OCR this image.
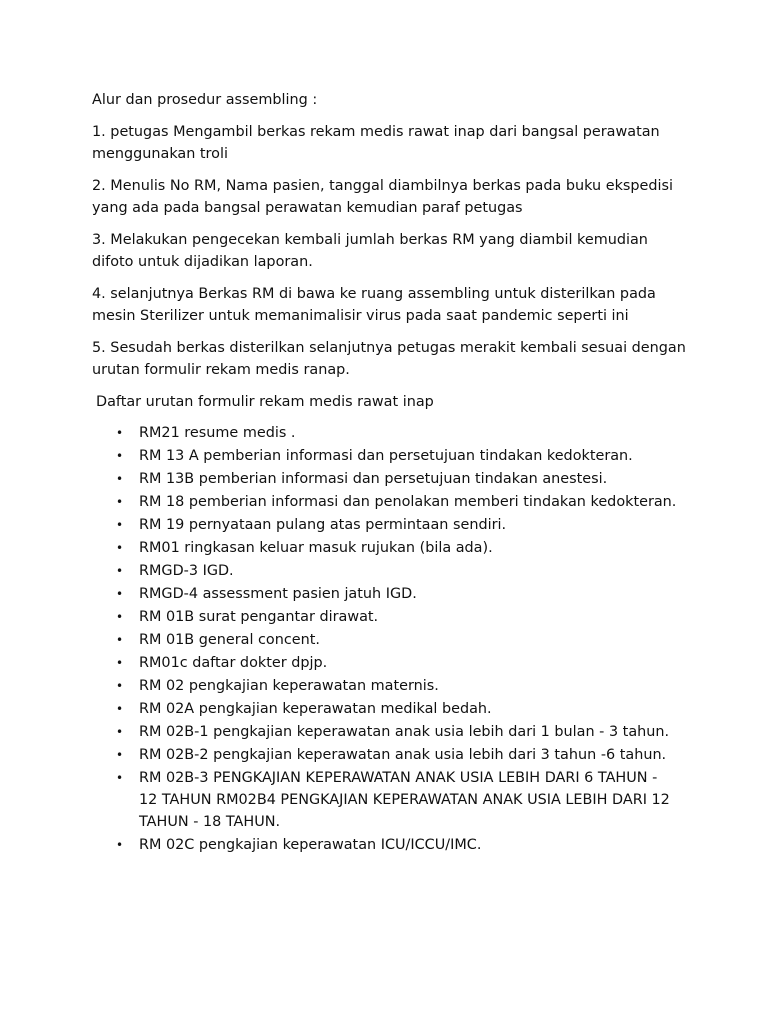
Alur dan prosedur assembling :

1. petugas Mengambil berkas rekam medis rawat inap dari bangsal perawatan menggunakan troli
2. Menulis No RM, Nama pasien, tanggal diambilnya berkas pada buku ekspedisi yang ada pada bangsal perawatan kemudian paraf petugas
3. Melakukan pengecekan kembali jumlah berkas RM yang diambil kemudian difoto untuk dijadikan laporan.
4. selanjutnya Berkas RM di bawa ke ruang assembling untuk disterilkan pada mesin Sterilizer untuk memanimalisir virus pada saat pandemic seperti ini
5. Sesudah berkas disterilkan selanjutnya petugas merakit kembali sesuai dengan urutan formulir rekam medis ranap.

Daftar urutan formulir rekam medis rawat inap

• RM21 resume medis .
• RM 13 A pemberian informasi dan persetujuan tindakan kedokteran.
• RM 13B pemberian informasi dan persetujuan tindakan anestesi.
• RM 18 pemberian informasi dan penolakan memberi tindakan kedokteran.
• RM 19 pernyataan pulang atas permintaan sendiri.
• RM01 ringkasan keluar masuk rujukan (bila ada).
• RMGD-3 IGD.
• RMGD-4 assessment pasien jatuh IGD.
• RM 01B surat pengantar dirawat.
• RM 01B general concent.
• RM01c daftar dokter dpjp.
• RM 02 pengkajian keperawatan maternis.
• RM 02A pengkajian keperawatan medikal bedah.
• RM 02B-1 pengkajian keperawatan anak usia lebih dari 1 bulan - 3 tahun.
• RM 02B-2 pengkajian keperawatan anak usia lebih dari 3 tahun -6 tahun.
• RM 02B-3 PENGKAJIAN KEPERAWATAN ANAK USIA LEBIH DARI 6 TAHUN - 12 TAHUN RM02B4 PENGKAJIAN KEPERAWATAN ANAK USIA LEBIH DARI 12 TAHUN - 18 TAHUN.
• RM 02C pengkajian keperawatan ICU/ICCU/IMC.
